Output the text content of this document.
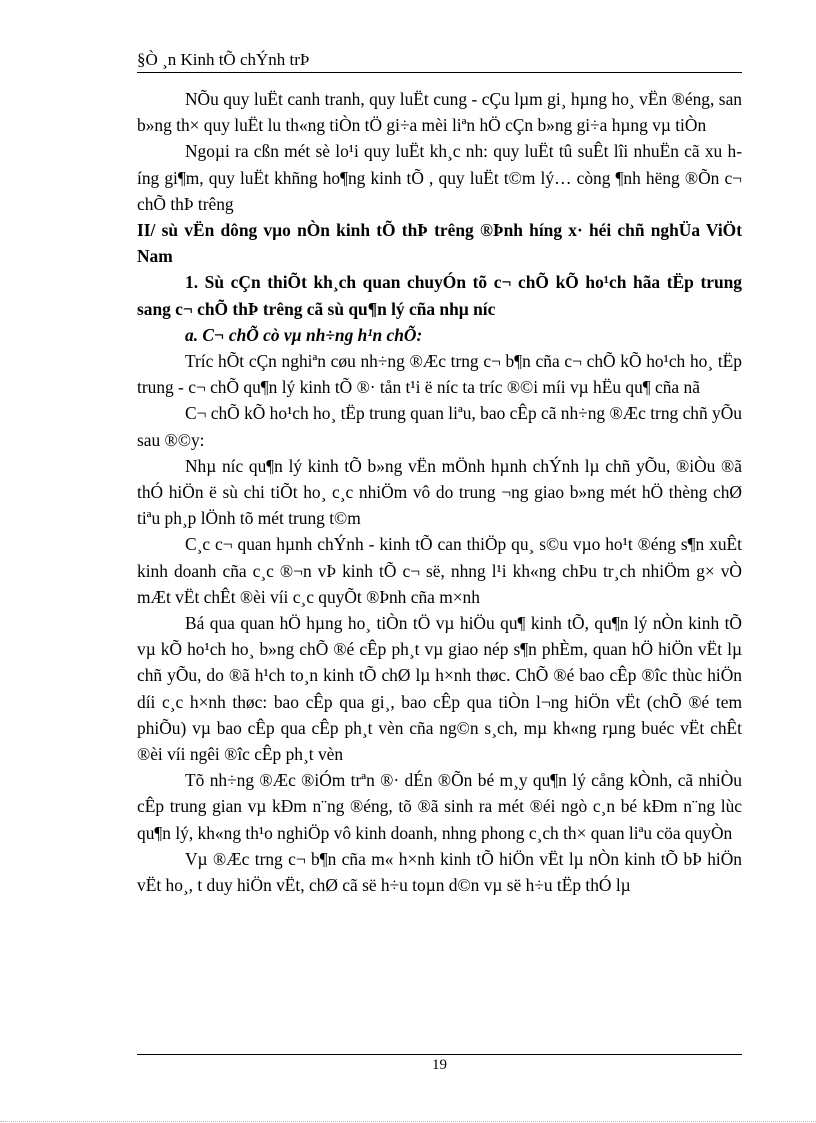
§Ò ¸n Kinh tÕ chÝnh trÞ

NÕu quy luËt canh tranh, quy luËt cung - cÇu lµm gi¸ hµng ho¸ vËn ®éng, san b»ng th× quy luËt lu th«ng tiÒn tÖ gi÷a mèi liªn hÖ cÇn b»ng gi÷a hµng vµ tiÒn

Ngoµi ra cßn mét sè lo¹i quy luËt kh¸c nh: quy luËt tû suÊt lîi nhuËn cã xu híng gi¶m, quy luËt khñng ho¶ng kinh tÕ , quy luËt t©m lý… còng ¶nh hëng ®Õn c¬ chÕ thÞ trêng

II/ sù vËn dông vµo nÒn kinh tÕ thÞ trêng ®Þnh híng x· héi chñ nghÜa ViÖt Nam

1. Sù cÇn thiÕt kh¸ch quan chuyÓn tõ c¬ chÕ kÕ ho¹ch hãa tËp trung sang c¬ chÕ thÞ trêng cã sù qu¶n lý cña nhµ níc

a. C¬ chÕ cò vµ nh÷ng h¹n chÕ:

Tríc hÕt cÇn nghiªn cøu nh÷ng ®Æc trng c¬ b¶n cña c¬ chÕ kÕ ho¹ch ho¸ tËp trung - c¬ chÕ qu¶n lý kinh tÕ ®· tån t¹i ë níc ta tríc ®©i míi vµ hËu qu¶ cña nã

C¬ chÕ kÕ ho¹ch ho¸ tËp trung quan liªu, bao cÊp cã nh÷ng ®Æc trng chñ yÕu sau ®©y:

Nhµ níc qu¶n lý kinh tÕ b»ng vËn mÖnh hµnh chÝnh lµ chñ yÕu, ®iÒu ®ã thÓ hiÖn ë sù chi tiÕt ho¸ c¸c nhiÖm vô do trung ¬ng giao b»ng mét hÖ thèng chØ tiªu ph¸p lÖnh tõ mét trung t©m

C¸c c¬ quan hµnh chÝnh - kinh tÕ can thiÖp qu¸ s©u vµo ho¹t ®éng s¶n xuÊt kinh doanh cña c¸c ®¬n vÞ kinh tÕ c¬ së, nhng l¹i kh«ng chÞu tr¸ch nhiÖm g× vÒ mÆt vËt chÊt ®èi víi c¸c quyÕt ®Þnh cña m×nh

Bá qua quan hÖ hµng ho¸ tiÒn tÖ vµ hiÖu qu¶ kinh tÕ, qu¶n lý nÒn kinh tÕ vµ kÕ ho¹ch ho¸ b»ng chÕ ®é cÊp ph¸t vµ giao nép s¶n phÈm, quan hÖ hiÖn vËt lµ chñ yÕu, do ®ã h¹ch to¸n kinh tÕ chØ lµ h×nh thøc. ChÕ ®é bao cÊp ®îc thùc hiÖn díi c¸c h×nh thøc: bao cÊp qua gi¸, bao cÊp qua tiÒn l¬ng hiÖn vËt (chÕ ®é tem phiÕu) vµ bao cÊp qua cÊp ph¸t vèn cña ng©n s¸ch, mµ kh«ng rµng buéc vËt chÊt ®èi víi ngêi ®îc cÊp ph¸t vèn

Tõ nh÷ng ®Æc ®iÓm trªn ®· dÉn ®Õn bé m¸y qu¶n lý cång kÒnh, cã nhiÒu cÊp trung gian vµ kÐm n¨ng ®éng, tõ ®ã sinh ra mét ®éi ngò c¸n bé kÐm n¨ng lùc qu¶n lý, kh«ng th¹o nghiÖp vô kinh doanh, nhng phong c¸ch th× quan liªu cöa quyÒn

Vµ ®Æc trng c¬ b¶n cña m« h×nh kinh tÕ hiÖn vËt lµ nÒn kinh tÕ bÞ hiÖn vËt ho¸, t duy hiÖn vËt, chØ cã së h÷u toµn d©n vµ së h÷u tËp thÓ lµ

19
